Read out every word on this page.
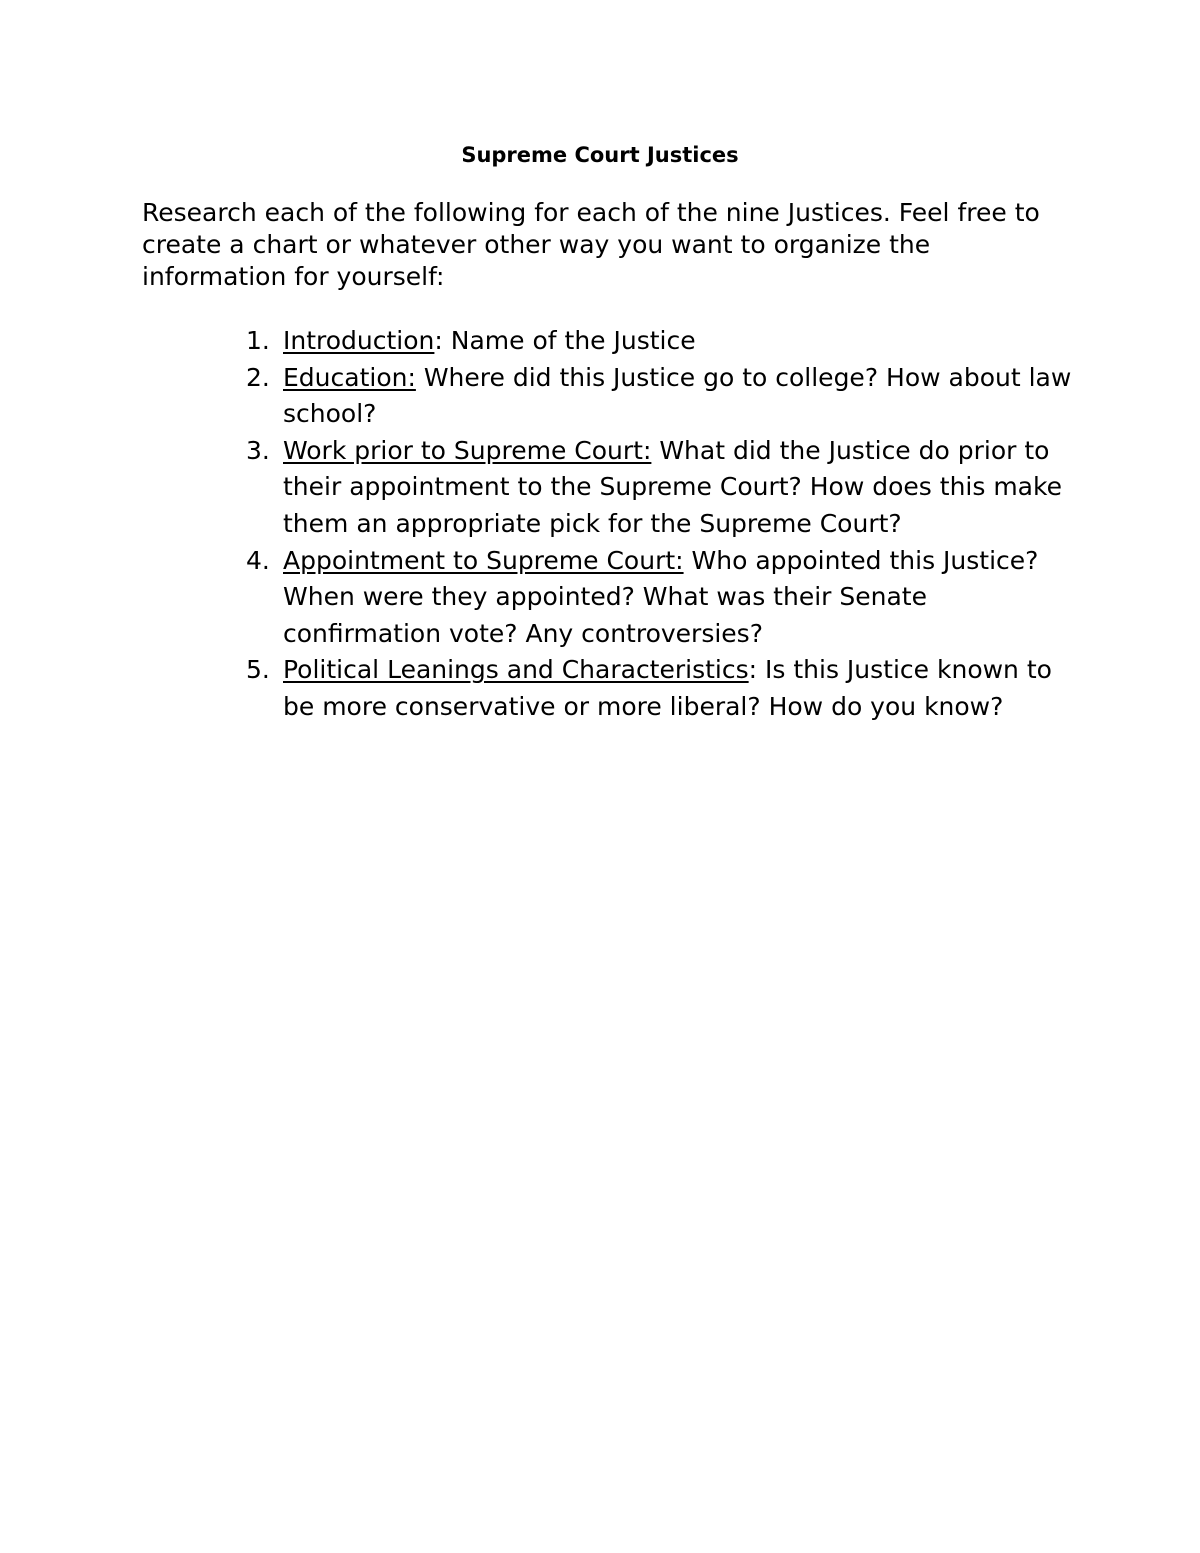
Supreme Court Justices

Research each of the following for each of the nine Justices. Feel free to create a chart or whatever other way you want to organize the information for yourself:

1. Introduction: Name of the Justice
2. Education: Where did this Justice go to college? How about law school?
3. Work prior to Supreme Court: What did the Justice do prior to their appointment to the Supreme Court? How does this make them an appropriate pick for the Supreme Court?
4. Appointment to Supreme Court: Who appointed this Justice? When were they appointed? What was their Senate confirmation vote? Any controversies?
5. Political Leanings and Characteristics: Is this Justice known to be more conservative or more liberal? How do you know?
